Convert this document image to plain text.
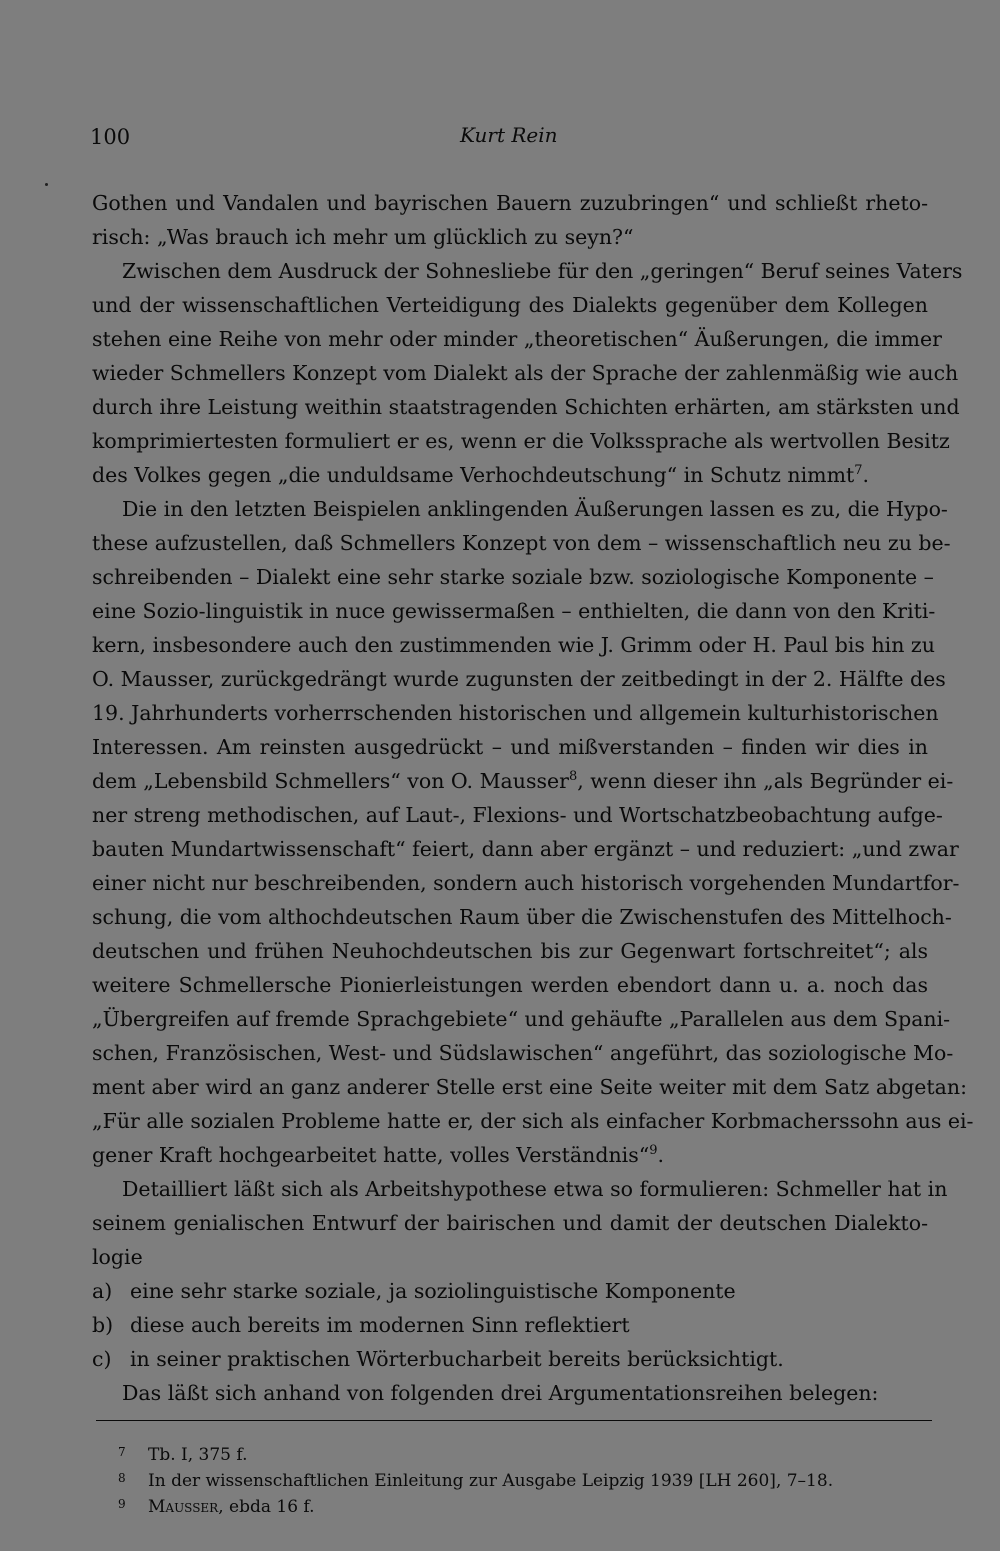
100	Kurt Rein
Gothen und Vandalen und bayrischen Bauern zuzubringen“ und schließt rheto-
risch: „Was brauch ich mehr um glücklich zu seyn?“
Zwischen dem Ausdruck der Sohnesliebe für den „geringen“ Beruf seines Vaters
und der wissenschaftlichen Verteidigung des Dialekts gegenüber dem Kollegen
stehen eine Reihe von mehr oder minder „theoretischen“ Äußerungen, die immer
wieder Schmellers Konzept vom Dialekt als der Sprache der zahlenmäßig wie auch
durch ihre Leistung weithin staatstragenden Schichten erhärten, am stärksten und
komprimiertesten formuliert er es, wenn er die Volkssprache als wertvollen Besitz
des Volkes gegen „die unduldsame Verhochdeutschung“ in Schutz nimmt$^7$.
Die in den letzten Beispielen anklingenden Äußerungen lassen es zu, die Hypo-
these aufzustellen, daß Schmellers Konzept von dem – wissenschaftlich neu zu be-
schreibenden – Dialekt eine sehr starke soziale bzw. soziologische Komponente –
eine Sozio-linguistik in nuce gewissermaßen – enthielten, die dann von den Kriti-
kern, insbesondere auch den zustimmenden wie J. Grimm oder H. Paul bis hin zu
O. Mausser, zurückgedrängt wurde zugunsten der zeitbedingt in der 2. Hälfte des
19. Jahrhunderts vorherrschenden historischen und allgemein kulturhistorischen
Interessen. Am reinsten ausgedrückt – und mißverstanden – finden wir dies in
dem „Lebensbild Schmellers“ von O. Mausser$^8$, wenn dieser ihn „als Begründer ei-
ner streng methodischen, auf Laut-, Flexions- und Wortschatzbeobachtung aufge-
bauten Mundartwissenschaft“ feiert, dann aber ergänzt – und reduziert: „und zwar
einer nicht nur beschreibenden, sondern auch historisch vorgehenden Mundartfor-
schung, die vom althochdeutschen Raum über die Zwischenstufen des Mittelhoch-
deutschen und frühen Neuhochdeutschen bis zur Gegenwart fortschreitet“; als
weitere Schmellersche Pionierleistungen werden ebendort dann u. a. noch das
„Übergreifen auf fremde Sprachgebiete“ und gehäufte „Parallelen aus dem Spani-
schen, Französischen, West- und Südslawischen“ angeführt, das soziologische Mo-
ment aber wird an ganz anderer Stelle erst eine Seite weiter mit dem Satz abgetan:
„Für alle sozialen Probleme hatte er, der sich als einfacher Korbmacherssohn aus ei-
gener Kraft hochgearbeitet hatte, volles Verständnis“$^9$.
Detailliert läßt sich als Arbeitshypothese etwa so formulieren: Schmeller hat in
seinem genialischen Entwurf der bairischen und damit der deutschen Dialekto-
logie
a) eine sehr starke soziale, ja soziolinguistische Komponente
b) diese auch bereits im modernen Sinn reflektiert
c) in seiner praktischen Wörterbucharbeit bereits berücksichtigt.
Das läßt sich anhand von folgenden drei Argumentationsreihen belegen:
7 Tb. I, 375 f.
8 In der wissenschaftlichen Einleitung zur Ausgabe Leipzig 1939 [LH 260], 7–18.
9 Mausser, ebda 16 f.
